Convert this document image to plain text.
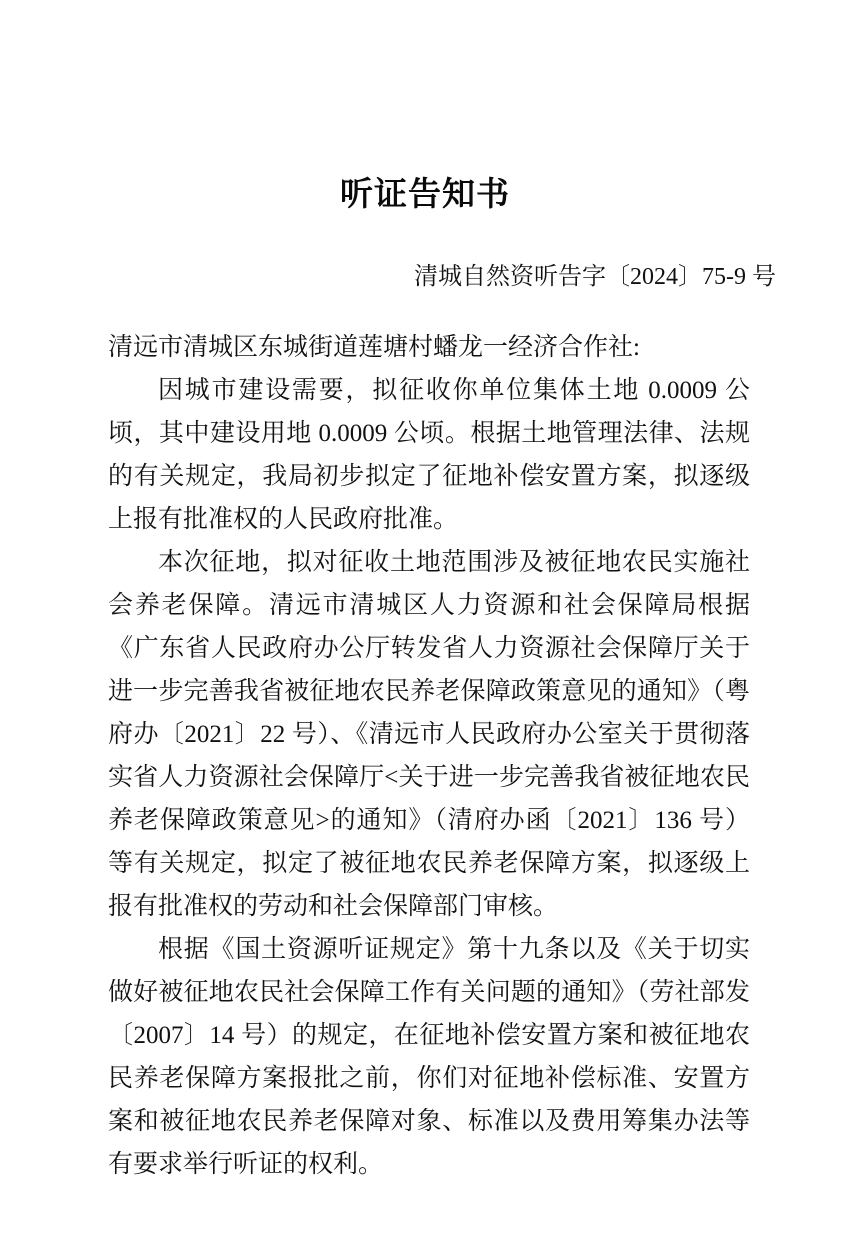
听证告知书
清城自然资听告字〔2024〕75-9 号

清远市清城区东城街道莲塘村蟠龙一经济合作社:

因城市建设需要，拟征收你单位集体土地 0.0009 公顷，其中建设用地 0.0009 公顷。根据土地管理法律、法规的有关规定，我局初步拟定了征地补偿安置方案，拟逐级上报有批准权的人民政府批准。

本次征地，拟对征收土地范围涉及被征地农民实施社会养老保障。清远市清城区人力资源和社会保障局根据《广东省人民政府办公厅转发省人力资源社会保障厅关于进一步完善我省被征地农民养老保障政策意见的通知》（粤府办〔2021〕22 号）、《清远市人民政府办公室关于贯彻落实省人力资源社会保障厅<关于进一步完善我省被征地农民养老保障政策意见>的通知》（清府办函〔2021〕136 号）等有关规定，拟定了被征地农民养老保障方案，拟逐级上报有批准权的劳动和社会保障部门审核。

根据《国土资源听证规定》第十九条以及《关于切实做好被征地农民社会保障工作有关问题的通知》（劳社部发〔2007〕14 号）的规定，在征地补偿安置方案和被征地农民养老保障方案报批之前，你们对征地补偿标准、安置方案和被征地农民养老保障对象、标准以及费用筹集办法等有要求举行听证的权利。
